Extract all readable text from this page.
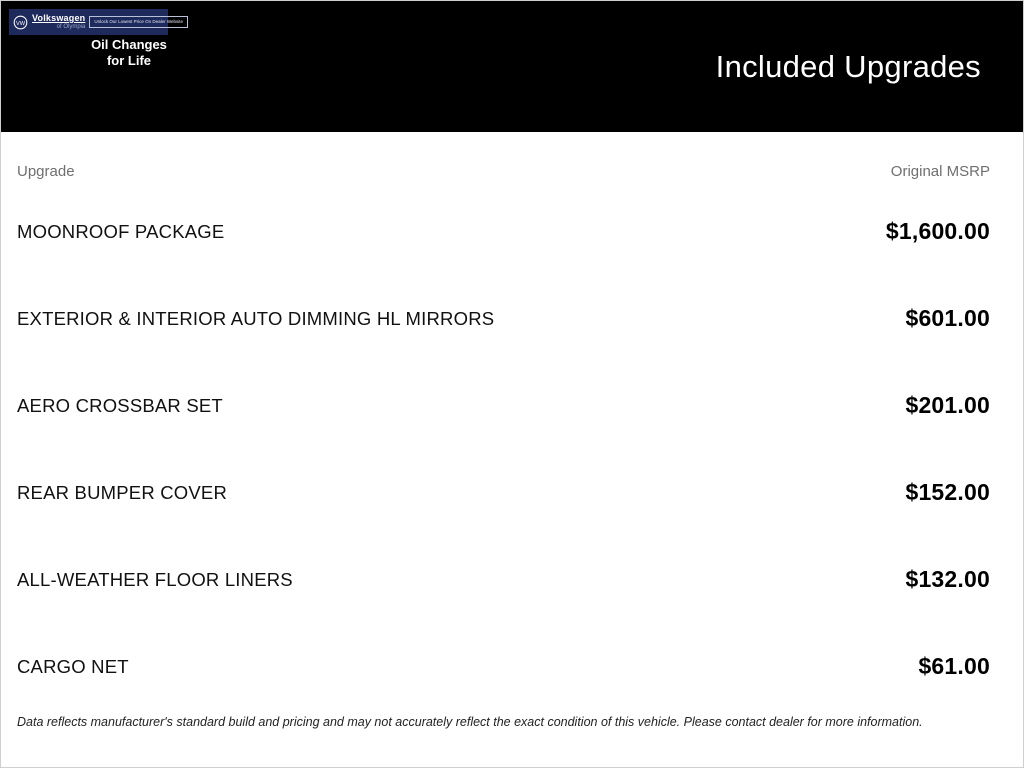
VW
Volkswagen
of Olympia
Unlock Our Lowest Price On Dealer Website
Oil Changes
for Life	Included Upgrades
Upgrade	Original MSRP
MOONROOF PACKAGE	$1,600.00
EXTERIOR & INTERIOR AUTO DIMMING HL MIRRORS	$601.00
AERO CROSSBAR SET	$201.00
REAR BUMPER COVER	$152.00
ALL-WEATHER FLOOR LINERS	$132.00
CARGO NET	$61.00
Data reflects manufacturer's standard build and pricing and may not accurately reflect the exact condition of this vehicle. Please contact dealer for more information.
